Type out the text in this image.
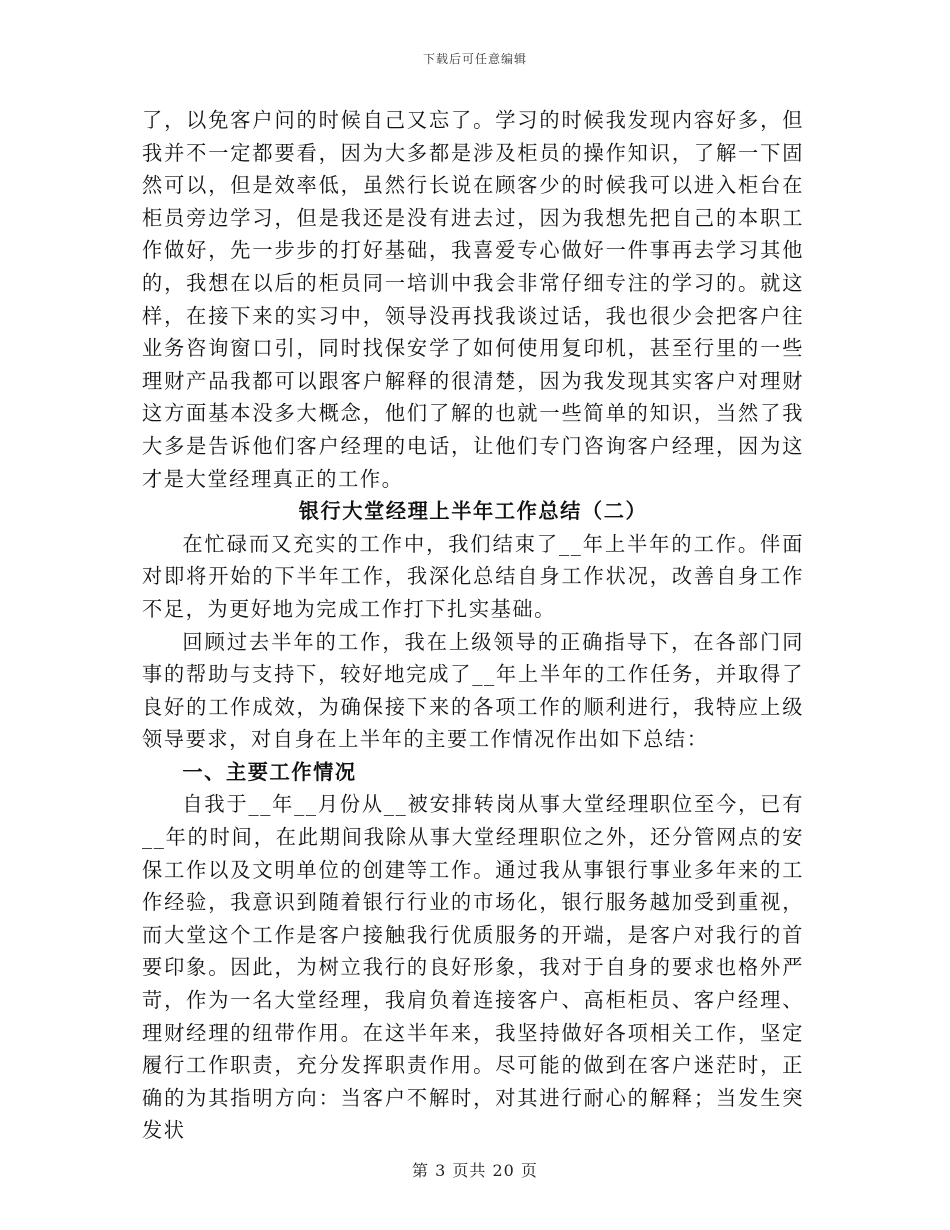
下载后可任意编辑

了，以免客户问的时候自己又忘了。学习的时候我发现内容好多，但我并不一定都要看，因为大多都是涉及柜员的操作知识，了解一下固然可以，但是效率低，虽然行长说在顾客少的时候我可以进入柜台在柜员旁边学习，但是我还是没有进去过，因为我想先把自己的本职工作做好，先一步步的打好基础，我喜爱专心做好一件事再去学习其他的，我想在以后的柜员同一培训中我会非常仔细专注的学习的。就这样，在接下来的实习中，领导没再找我谈过话，我也很少会把客户往业务咨询窗口引，同时找保安学了如何使用复印机，甚至行里的一些理财产品我都可以跟客户解释的很清楚，因为我发现其实客户对理财这方面基本没多大概念，他们了解的也就一些简单的知识，当然了我大多是告诉他们客户经理的电话，让他们专门咨询客户经理，因为这才是大堂经理真正的工作。

银行大堂经理上半年工作总结（二）

在忙碌而又充实的工作中，我们结束了__年上半年的工作。伴面对即将开始的下半年工作，我深化总结自身工作状况，改善自身工作不足，为更好地为完成工作打下扎实基础。

回顾过去半年的工作，我在上级领导的正确指导下，在各部门同事的帮助与支持下，较好地完成了__年上半年的工作任务，并取得了良好的工作成效，为确保接下来的各项工作的顺利进行，我特应上级领导要求，对自身在上半年的主要工作情况作出如下总结：

一、主要工作情况

自我于__年__月份从__被安排转岗从事大堂经理职位至今，已有__年的时间，在此期间我除从事大堂经理职位之外，还分管网点的安保工作以及文明单位的创建等工作。通过我从事银行事业多年来的工作经验，我意识到随着银行行业的市场化，银行服务越加受到重视，而大堂这个工作是客户接触我行优质服务的开端，是客户对我行的首要印象。因此，为树立我行的良好形象，我对于自身的要求也格外严苛，作为一名大堂经理，我肩负着连接客户、高柜柜员、客户经理、理财经理的纽带作用。在这半年来，我坚持做好各项相关工作，坚定履行工作职责，充分发挥职责作用。尽可能的做到在客户迷茫时，正确的为其指明方向：当客户不解时，对其进行耐心的解释；当发生突发状

第 3 页共 20 页
